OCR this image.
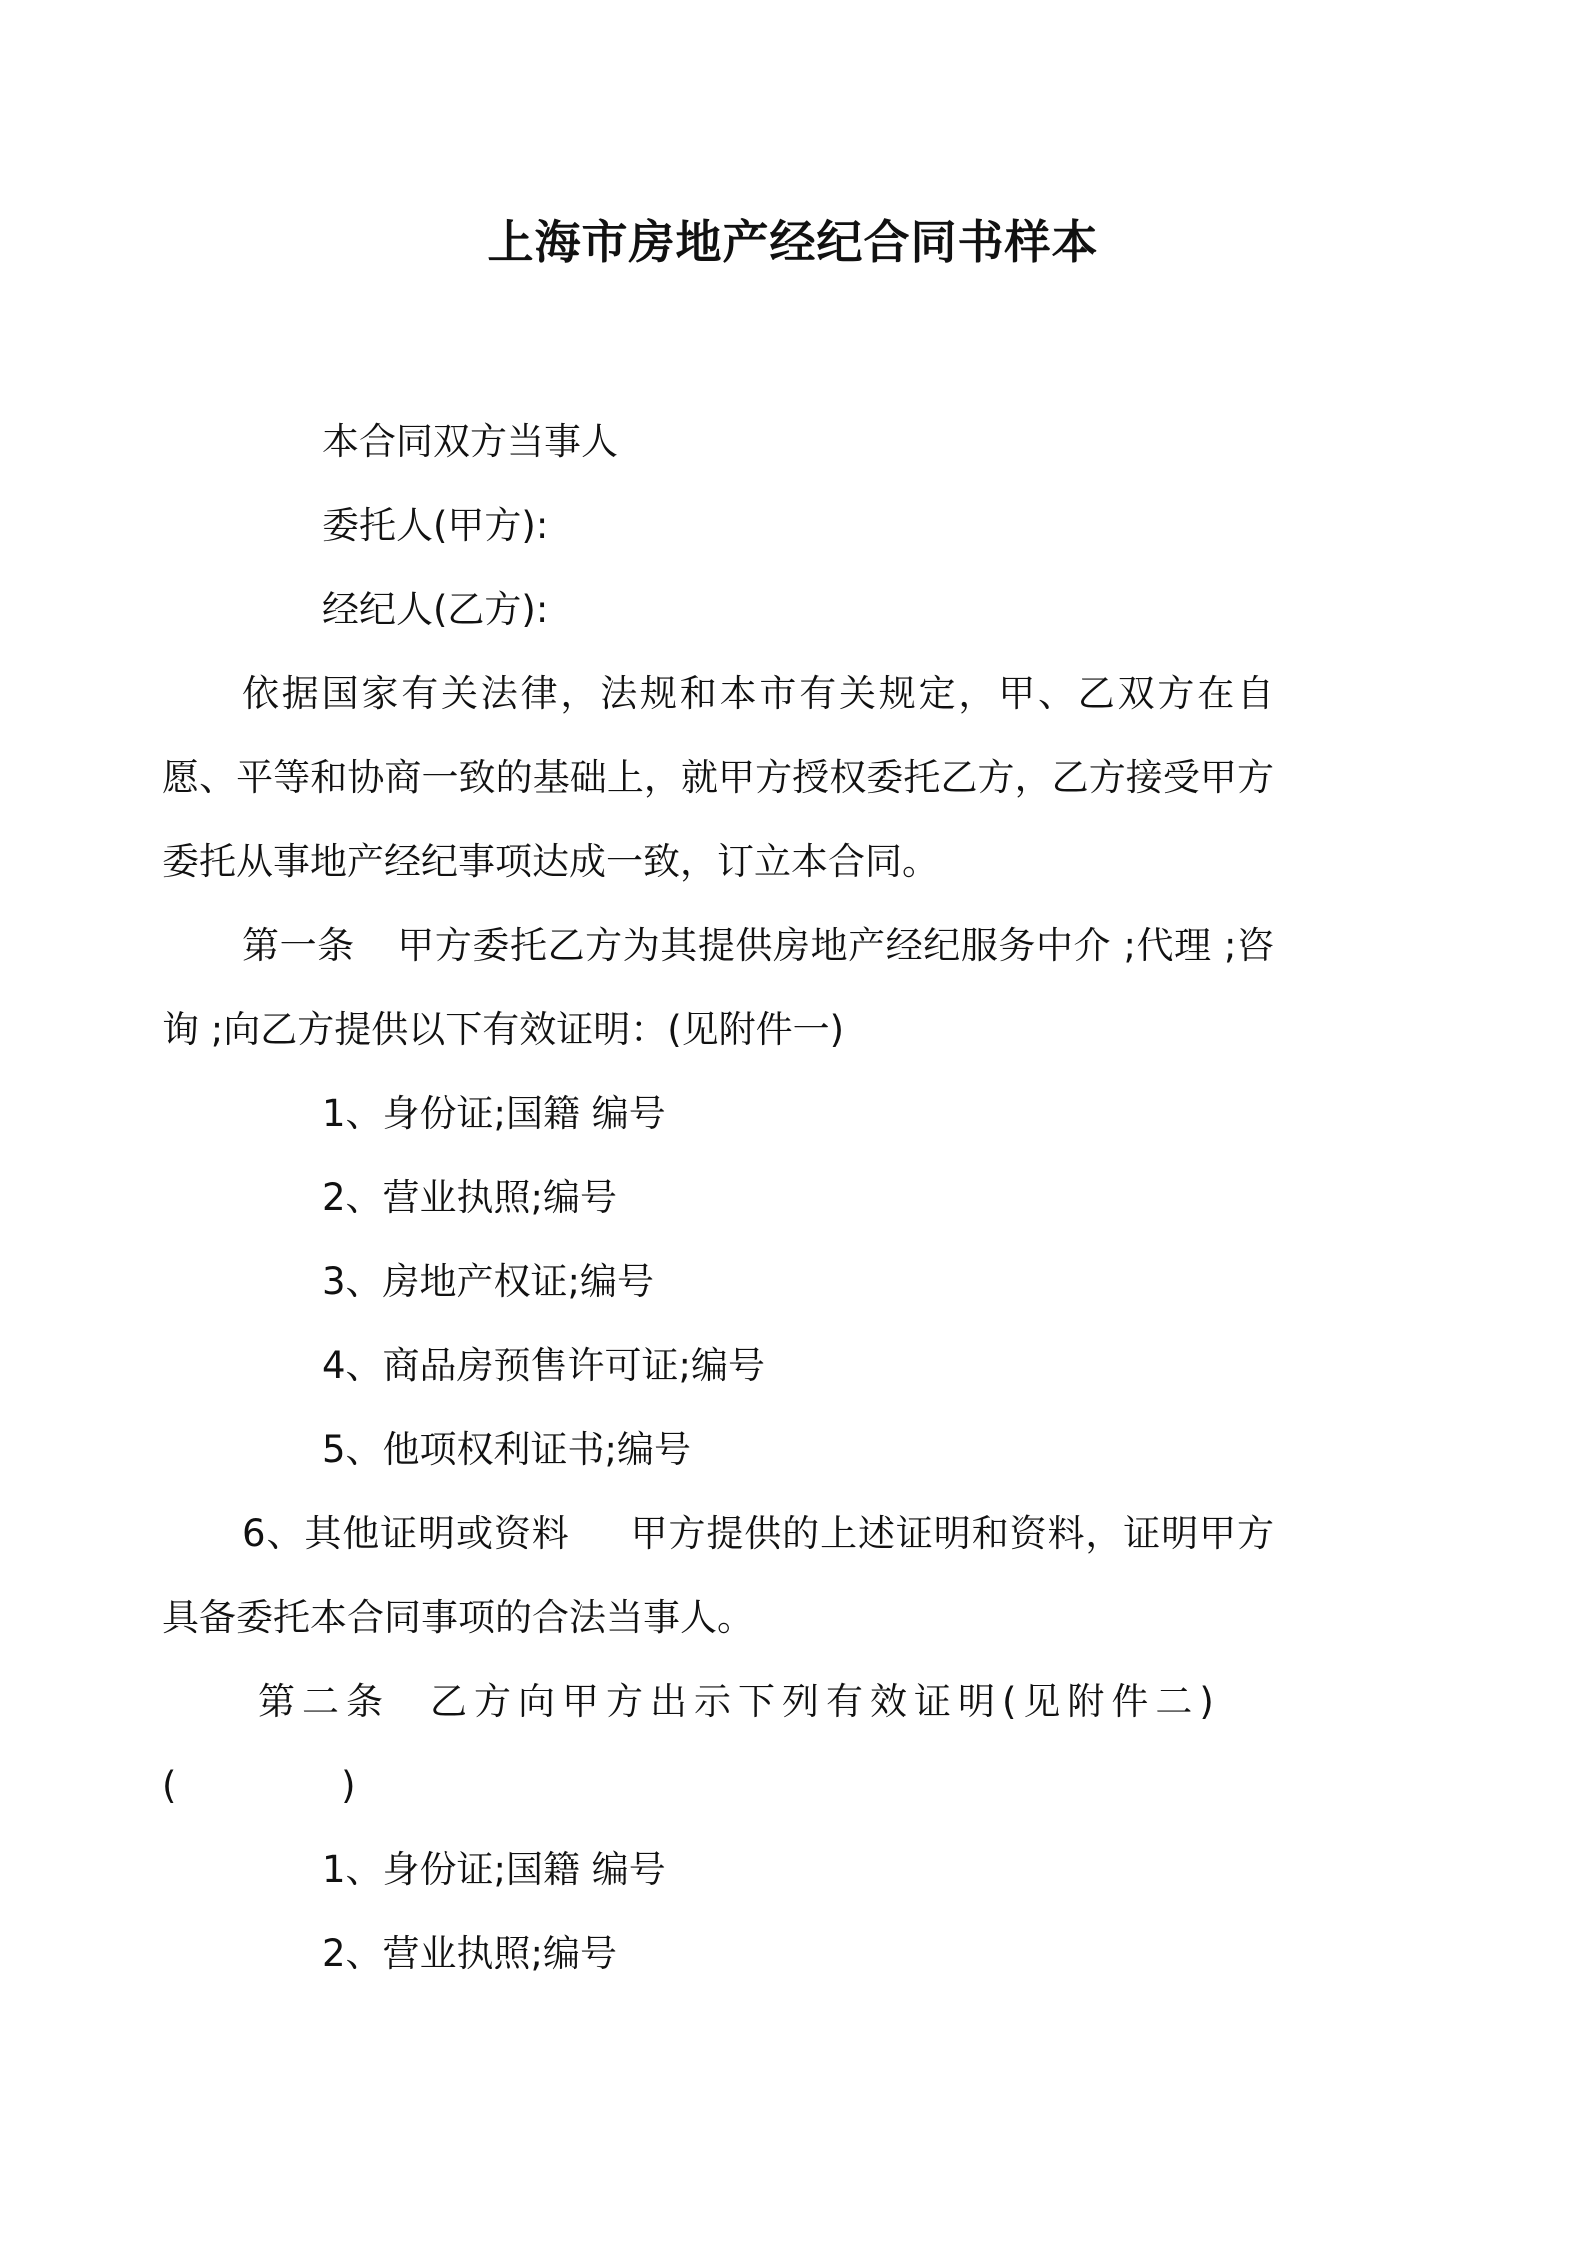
上海市房地产经纪合同书样本

本合同双方当事人

委托人(甲方):

经纪人(乙方):

依据国家有关法律，法规和本市有关规定，甲、乙双方在自愿、平等和协商一致的基础上，就甲方授权委托乙方，乙方接受甲方委托从事地产经纪事项达成一致，订立本合同。

第一条 甲方委托乙方为其提供房地产经纪服务中介 ;代理 ;咨询 ;向乙方提供以下有效证明：(见附件一)

1、身份证;国籍 编号

2、营业执照;编号

3、房地产权证;编号

4、商品房预售许可证;编号

5、他项权利证书;编号

6、其他证明或资料 甲方提供的上述证明和资料，证明甲方具备委托本合同事项的合法当事人。

第二条 乙方向甲方出示下列有效证明(见附件二)

(              )

1、身份证;国籍 编号

2、营业执照;编号
